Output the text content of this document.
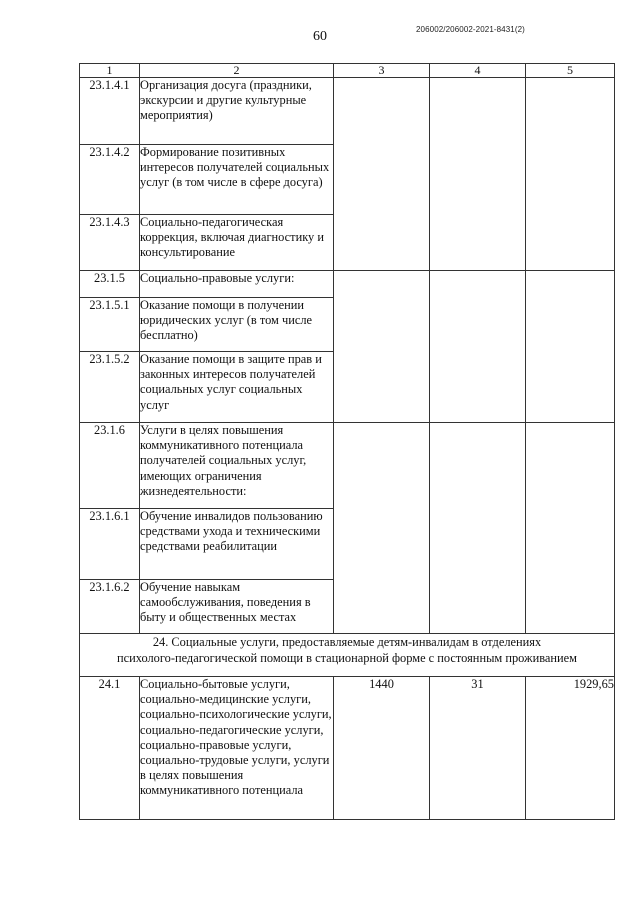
60	206002/206002-2021-8431(2)
1	2	3	4	5
23.1.4.1	Организация досуга (праздники, экскурсии и другие культурные мероприятия)			
23.1.4.2	Формирование позитивных интересов получателей социальных услуг (в том числе в сфере досуга)			
23.1.4.3	Социально-педагогическая коррекция, включая диагностику и консультирование			
23.1.5	Социально-правовые услуги:			
23.1.5.1	Оказание помощи в получении юридических услуг (в том числе бесплатно)			
23.1.5.2	Оказание помощи в защите прав и законных интересов получателей социальных услуг социальных услуг			
23.1.6	Услуги в целях повышения коммуникативного потенциала получателей социальных услуг, имеющих ограничения жизнедеятельности:			
23.1.6.1	Обучение инвалидов пользованию средствами ухода и техническими средствами реабилитации			
23.1.6.2	Обучение навыкам самообслуживания, поведения в быту и общественных местах			

24. Социальные услуги, предоставляемые детям-инвалидам в отделениях
психолого-педагогической помощи в стационарной форме с постоянным проживанием				

24.1	Социально-бытовые услуги, социально-медицинские услуги, социально-психологические услуги, социально-педагогические услуги, социально-правовые услуги, социально-трудовые услуги, услуги в целях повышения коммуникативного потенциала	1440	31	1929,65
